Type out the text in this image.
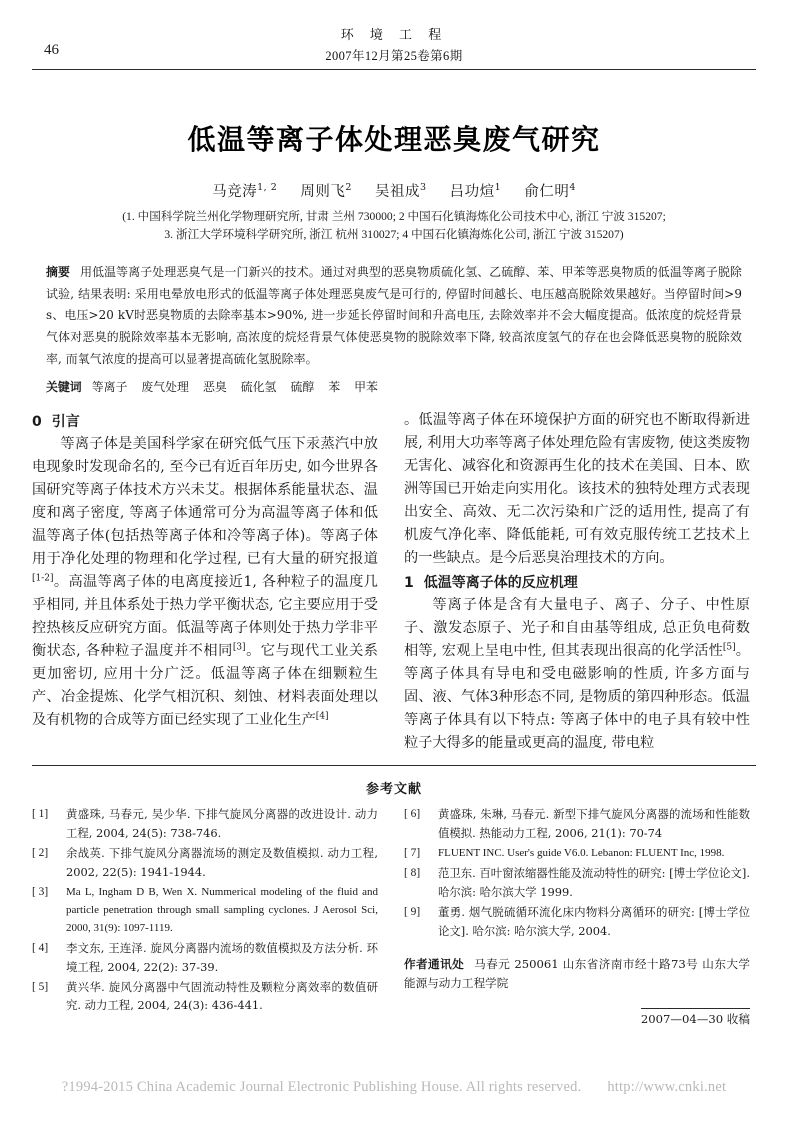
46
环 境 工 程
2007年12月第25卷第6期
低温等离子体处理恶臭废气研究
马竞涛$^{1, 2}$ 周则飞$^2$ 吴祖成$^3$ 吕功煊$^1$ 俞仁明$^4$
(1. 中国科学院兰州化学物理研究所, 甘肃 兰州 730000; 2 中国石化镇海炼化公司技术中心, 浙江 宁波 315207;
3. 浙江大学环境科学研究所, 浙江 杭州 310027; 4 中国石化镇海炼化公司, 浙江 宁波 315207)
摘要 用低温等离子处理恶臭气是一门新兴的技术。通过对典型的恶臭物质硫化氢、乙硫醇、苯、甲苯等恶臭物质的低温等离子脱除试验, 结果表明: 采用电晕放电形式的低温等离子体处理恶臭废气是可行的, 停留时间越长、电压越高脱除效果越好。当停留时间>9 s、电压>20 kV时恶臭物质的去除率基本>90%, 进一步延长停留时间和升高电压, 去除效率并不会大幅度提高。低浓度的烷烃背景气体对恶臭的脱除效率基本无影响, 高浓度的烷烃背景气体使恶臭物的脱除效率下降, 较高浓度氢气的存在也会降低恶臭物的脱除效率, 而氧气浓度的提高可以显著提高硫化氢脱除率。
关键词 等离子 废气处理 恶臭 硫化氢 硫醇 苯 甲苯
0 引言

等离子体是美国科学家在研究低气压下汞蒸汽中放电现象时发现命名的, 至今已有近百年历史, 如今世界各国研究等离子体技术方兴未艾。根据体系能量状态、温度和离子密度, 等离子体通常可分为高温等离子体和低温等离子体(包括热等离子体和冷等离子体)。等离子体用于净化处理的物理和化学过程, 已有大量的研究报道[1-2]。高温等离子体的电离度接近1, 各种粒子的温度几乎相同, 并且体系处于热力学平衡状态, 它主要应用于受控热核反应研究方面。低温等离子体则处于热力学非平衡状态, 各种粒子温度并不相同[3]。它与现代工业关系更加密切, 应用十分广泛。低温等离子体在细颗粒生产、冶金提炼、化学气相沉积、刻蚀、材料表面处理以及有机物的合成等方面已经实现了工业化生产[4]

。低温等离子体在环境保护方面的研究也不断取得新进展, 利用大功率等离子体处理危险有害废物, 使这类废物无害化、减容化和资源再生化的技术在美国、日本、欧洲等国已开始走向实用化。该技术的独特处理方式表现出安全、高效、无二次污染和广泛的适用性, 提高了有机废气净化率、降低能耗, 可有效克服传统工艺技术上的一些缺点。是今后恶臭治理技术的方向。

1 低温等离子体的反应机理

等离子体是含有大量电子、离子、分子、中性原子、激发态原子、光子和自由基等组成, 总正负电荷数相等, 宏观上呈电中性, 但其表现出很高的化学活性[5]。等离子体具有导电和受电磁影响的性质, 许多方面与固、液、气体3种形态不同, 是物质的第四种形态。低温等离子体具有以下特点: 等离子体中的电子具有较中性粒子大得多的能量或更高的温度, 带电粒

参考文献
[ 1]	黄盛珠, 马春元, 吴少华. 下排气旋风分离器的改进设计. 动力工程, 2004, 24(5): 738-746.
[ 2]	余战英. 下排气旋风分离器流场的测定及数值模拟. 动力工程, 2002, 22(5): 1941-1944.
[ 3]	Ma L, Ingham D B, Wen X. Nummerical modeling of the fluid and particle penetration through small sampling cyclones. J Aerosol Sci, 2000, 31(9): 1097-1119.
[ 4]	李文东, 王连泽. 旋风分离器内流场的数值模拟及方法分析. 环境工程, 2004, 22(2): 37-39.
[ 5]	黄兴华. 旋风分离器中气固流动特性及颗粒分离效率的数值研究. 动力工程, 2004, 24(3): 436-441.
[ 6]	黄盛珠, 朱琳, 马春元. 新型下排气旋风分离器的流场和性能数值模拟. 热能动力工程, 2006, 21(1): 70-74
[ 7]	FLUENT INC. User's guide V6.0. Lebanon: FLUENT Inc, 1998.
[ 8]	范卫东. 百叶窗浓缩器性能及流动特性的研究: [博士学位论文]. 哈尔滨: 哈尔滨大学 1999.
[ 9]	董勇. 烟气脱硫循环流化床内物料分离循环的研究: [博士学位论文]. 哈尔滨: 哈尔滨大学, 2004.
作者通讯处 马春元 250061 山东省济南市经十路73号 山东大学能源与动力工程学院
2007—04—30 收稿
?1994-2015 China Academic Journal Electronic Publishing House. All rights reserved. http://www.cnki.net
